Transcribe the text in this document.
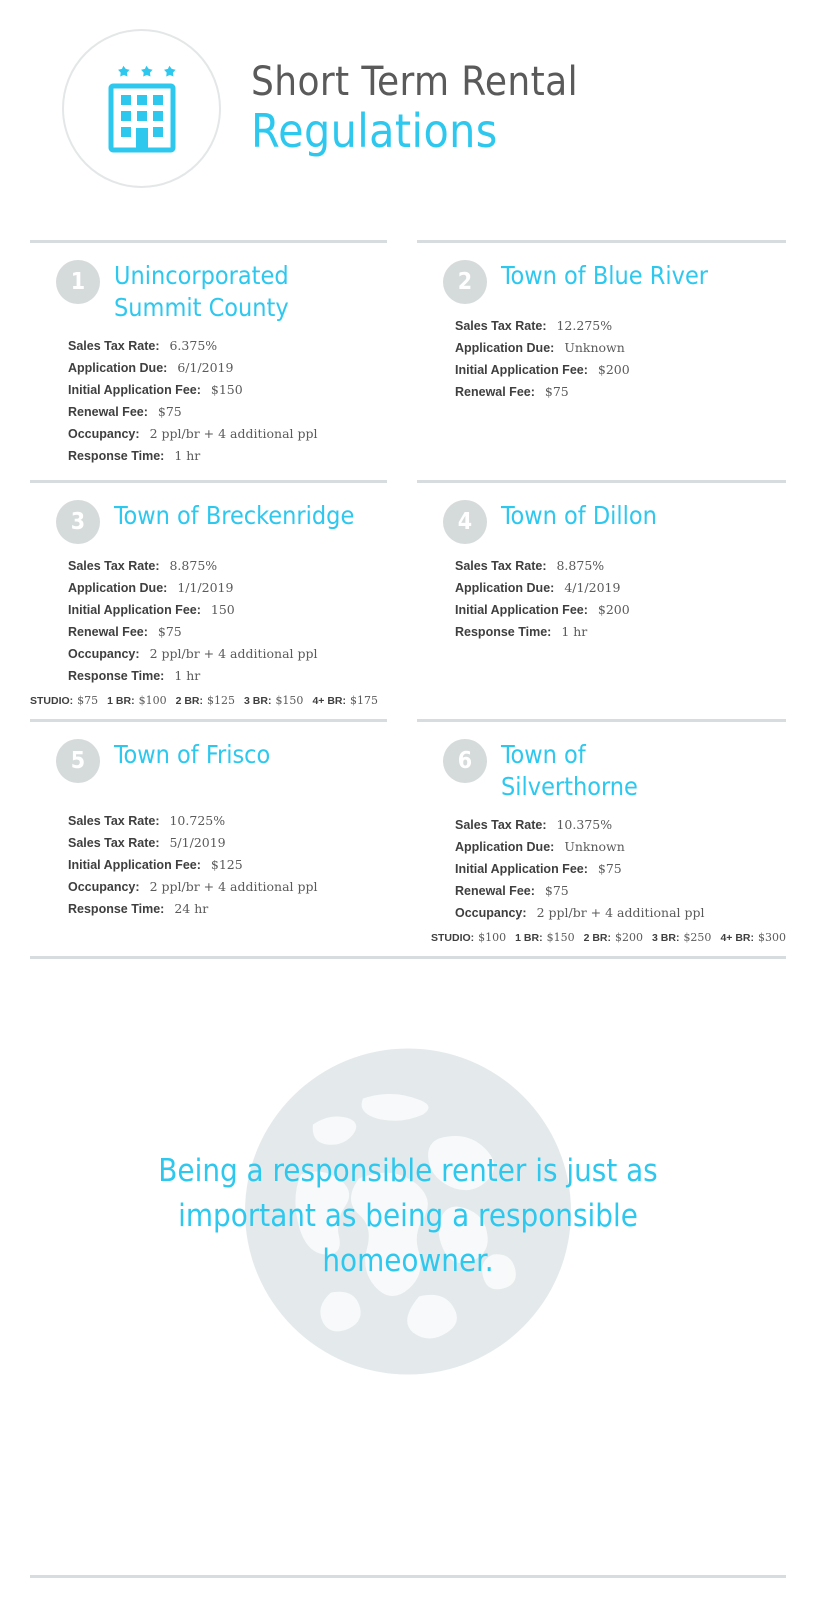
Short Term Rental
Regulations
1	Unincorporated Summit County
Sales Tax Rate: 6.375%
Application Due: 6/1/2019
Initial Application Fee: $150
Renewal Fee: $75
Occupancy: 2 ppl/br + 4 additional ppl
Response Time: 1 hr
2	Town of Blue River
Sales Tax Rate: 12.275%
Application Due: Unknown
Initial Application Fee: $200
Renewal Fee: $75
3	Town of Breckenridge
Sales Tax Rate: 8.875%
Application Due: 1/1/2019
Initial Application Fee: 150
Renewal Fee: $75
Occupancy: 2 ppl/br + 4 additional ppl
Response Time: 1 hr
STUDIO: $75 1 BR: $100 2 BR: $125 3 BR: $150 4+ BR: $175
4	Town of Dillon
Sales Tax Rate: 8.875%
Application Due: 4/1/2019
Initial Application Fee: $200
Response Time: 1 hr
5	Town of Frisco
Sales Tax Rate: 10.725%
Sales Tax Rate: 5/1/2019
Initial Application Fee: $125
Occupancy: 2 ppl/br + 4 additional ppl
Response Time: 24 hr
6	Town of Silverthorne
Sales Tax Rate: 10.375%
Application Due: Unknown
Initial Application Fee: $75
Renewal Fee: $75
Occupancy: 2 ppl/br + 4 additional ppl
STUDIO: $100 1 BR: $150 2 BR: $200 3 BR: $250 4+ BR: $300
Being a responsible renter is just as important as being a responsible homeowner.
